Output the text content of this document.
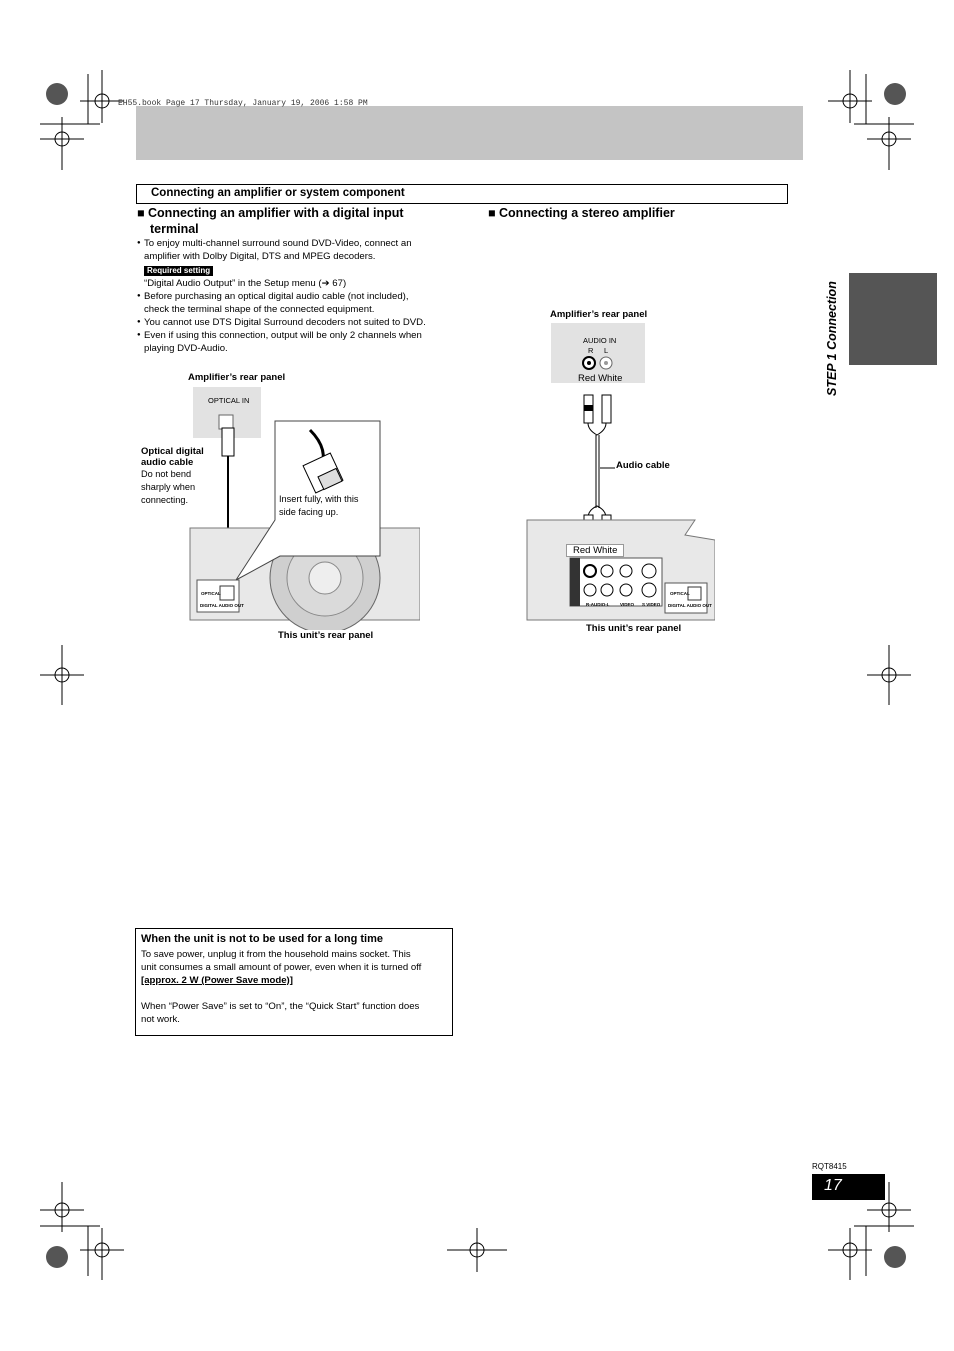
EH55.book Page 17 Thursday, January 19, 2006 1:58 PM
Connecting an amplifier or system component
■ Connecting an amplifier with a digital input
terminal
● To enjoy multi-channel surround sound DVD-Video, connect an
amplifier with Dolby Digital, DTS and MPEG decoders.
Required setting
“Digital Audio Output” in the Setup menu (➔ 67)
● Before purchasing an optical digital audio cable (not included),
check the terminal shape of the connected equipment.
● You cannot use DTS Digital Surround decoders not suited to DVD.
● Even if using this connection, output will be only 2 channels when
playing DVD-Audio.
Amplifier’s rear panel
OPTICAL IN
Optical digital
audio cable
Do not bend
sharply when
connecting.	Insert fully, with this
side facing up.
OPTICAL
DIGITAL AUDIO OUT
This unit’s rear panel
■ Connecting a stereo amplifier
Amplifier’s rear panel
AUDIO IN
R L
Red White
Audio cable
Red White
R-AUDIO-L VIDEO S VIDEO
OPTICAL
DIGITAL AUDIO OUT
This unit’s rear panel
STEP 1 Connection
When the unit is not to be used for a long time
To save power, unplug it from the household mains socket. This
unit consumes a small amount of power, even when it is turned off
[approx. 2 W (Power Save mode)]
When “Power Save” is set to “On”, the “Quick Start” function does
not work.
RQT8415
17
